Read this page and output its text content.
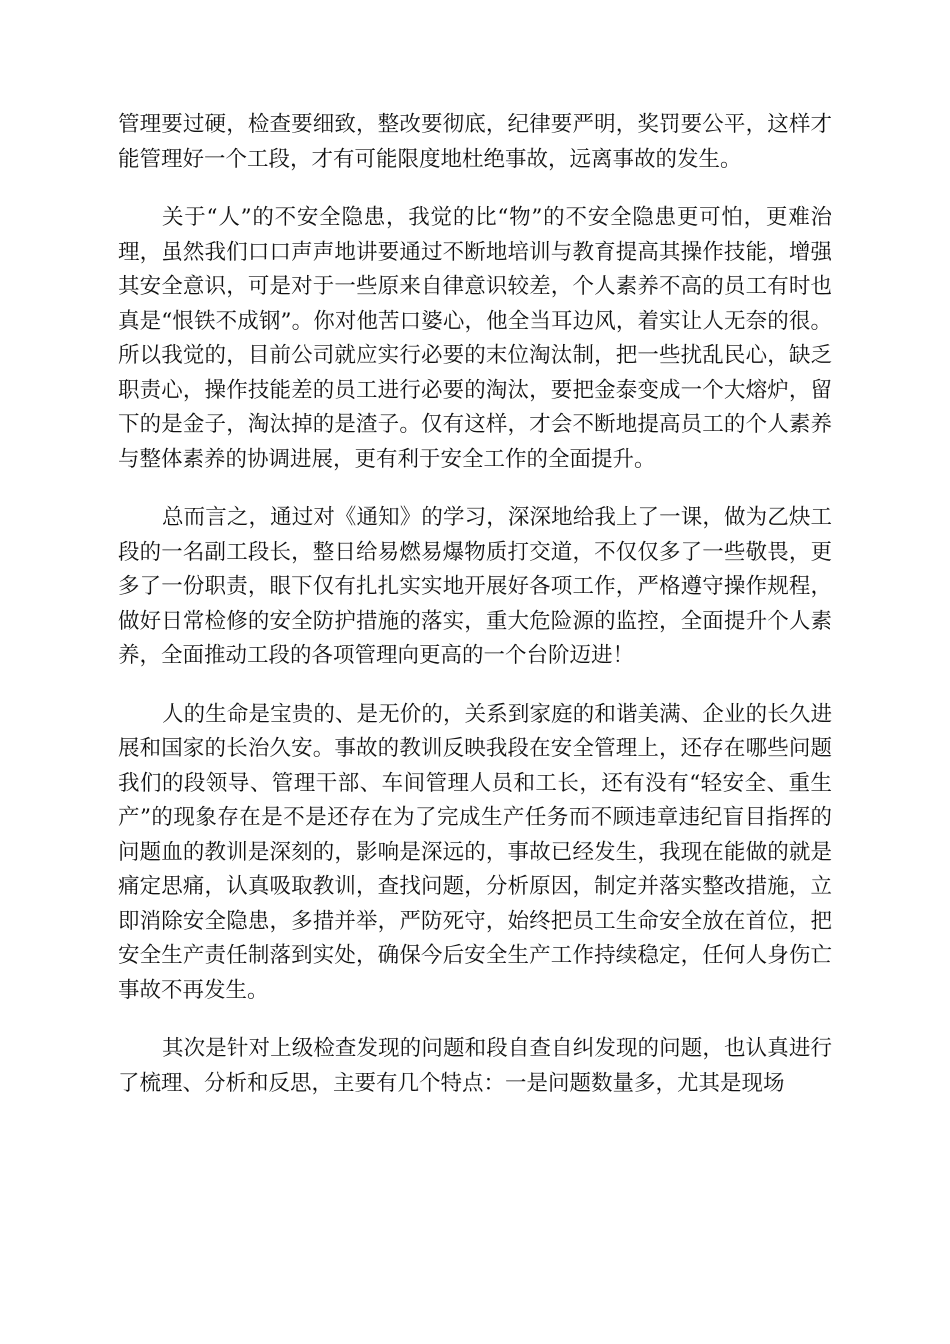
管理要过硬，检查要细致，整改要彻底，纪律要严明，奖罚要公平，这样才能管理好一个工段，才有可能限度地杜绝事故，远离事故的发生。

关于“人”的不安全隐患，我觉的比“物”的不安全隐患更可怕，更难治理，虽然我们口口声声地讲要通过不断地培训与教育提高其操作技能，增强其安全意识，可是对于一些原来自律意识较差，个人素养不高的员工有时也真是“恨铁不成钢”。你对他苦口婆心，他全当耳边风，着实让人无奈的很。所以我觉的，目前公司就应实行必要的末位淘汰制，把一些扰乱民心，缺乏职责心，操作技能差的员工进行必要的淘汰，要把金泰变成一个大熔炉，留下的是金子，淘汰掉的是渣子。仅有这样，才会不断地提高员工的个人素养与整体素养的协调进展，更有利于安全工作的全面提升。

总而言之，通过对《通知》的学习，深深地给我上了一课，做为乙炔工段的一名副工段长，整日给易燃易爆物质打交道，不仅仅多了一些敬畏，更多了一份职责，眼下仅有扎扎实实地开展好各项工作，严格遵守操作规程，做好日常检修的安全防护措施的落实，重大危险源的监控，全面提升个人素养，全面推动工段的各项管理向更高的一个台阶迈进！

人的生命是宝贵的、是无价的，关系到家庭的和谐美满、企业的长久进展和国家的长治久安。事故的教训反映我段在安全管理上，还存在哪些问题我们的段领导、管理干部、车间管理人员和工长，还有没有“轻安全、重生产”的现象存在是不是还存在为了完成生产任务而不顾违章违纪盲目指挥的问题血的教训是深刻的，影响是深远的，事故已经发生，我现在能做的就是痛定思痛，认真吸取教训，查找问题，分析原因，制定并落实整改措施，立即消除安全隐患，多措并举，严防死守，始终把员工生命安全放在首位，把安全生产责任制落到实处，确保今后安全生产工作持续稳定，任何人身伤亡事故不再发生。

其次是针对上级检查发现的问题和段自查自纠发现的问题，也认真进行了梳理、分析和反思，主要有几个特点：一是问题数量多，尤其是现场
